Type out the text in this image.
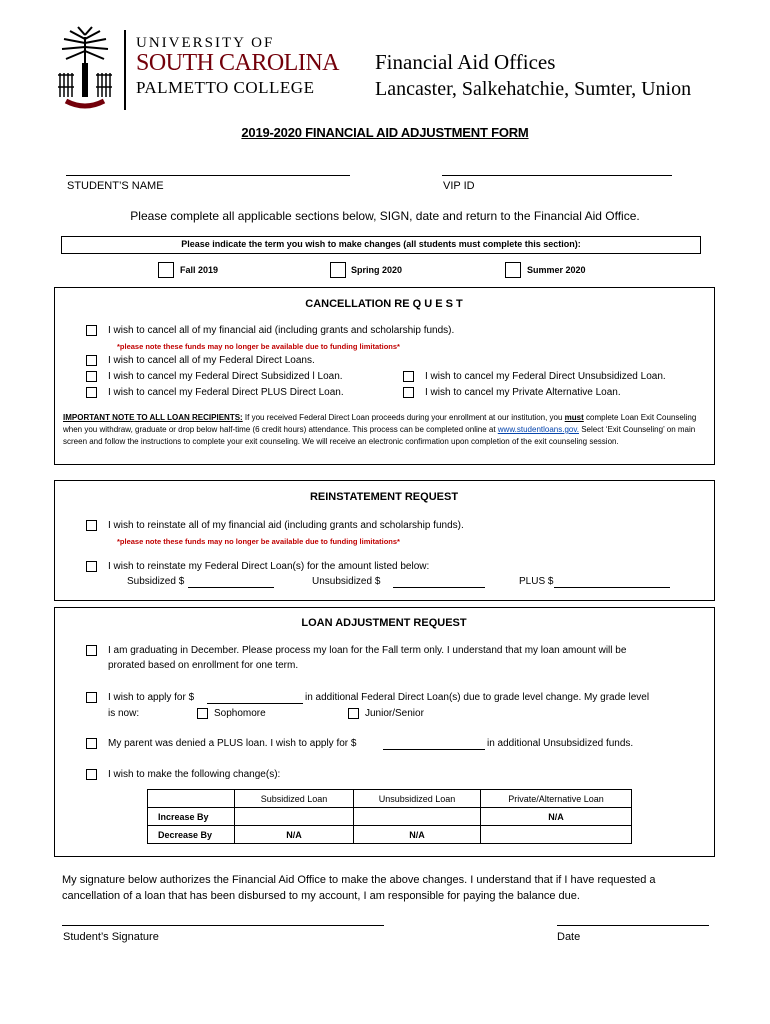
UNIVERSITY OF
SOUTH CAROLINA
PALMETTO COLLEGE
Financial Aid Offices
Lancaster, Salkehatchie, Sumter, Union
2019-2020 FINANCIAL AID ADJUSTMENT FORM
STUDENT’S NAME	VIP ID
Please complete all applicable sections below, SIGN, date and return to the Financial Aid Office.
Please indicate the term you wish to make changes (all students must complete this section):
Fall 2019	Spring 2020	Summer 2020
CANCELLATION RE Q U E S T
I wish to cancel all of my financial aid (including grants and scholarship funds).
*please note these funds may no longer be available due to funding limitations*
I wish to cancel all of my Federal Direct Loans.
I wish to cancel my Federal Direct Subsidized l Loan.
I wish to cancel my Federal Direct PLUS Direct Loan.
I wish to cancel my Federal Direct Unsubsidized Loan.
I wish to cancel my Private Alternative Loan.
IMPORTANT NOTE TO ALL LOAN RECIPIENTS: If you received Federal Direct Loan proceeds during your enrollment at our institution, you must complete Loan Exit Counseling when you withdraw, graduate or drop below half-time (6 credit hours) attendance. This process can be completed online at www.studentloans.gov. Select ‘Exit Counseling’ on main screen and follow the instructions to complete your exit counseling. We will receive an electronic confirmation upon completion of the exit counseling session.
REINSTATEMENT REQUEST
I wish to reinstate all of my financial aid (including grants and scholarship funds).
*please note these funds may no longer be available due to funding limitations*
I wish to reinstate my Federal Direct Loan(s) for the amount listed below:
Subsidized $	Unsubsidized $	PLUS $
LOAN ADJUSTMENT REQUEST
I am graduating in December. Please process my loan for the Fall term only. I understand that my loan amount will be
prorated based on enrollment for one term.
I wish to apply for $	in additional Federal Direct Loan(s) due to grade level change. My grade level
is now:	Sophomore	Junior/Senior
My parent was denied a PLUS loan. I wish to apply for $	in additional Unsubsidized funds.
I wish to make the following change(s):
	Subsidized Loan	Unsubsidized Loan	Private/Alternative Loan
Increase By			N/A
Decrease By	N/A	N/A	
My signature below authorizes the Financial Aid Office to make the above changes. I understand that if I have requested a cancellation of a loan that has been disbursed to my account, I am responsible for paying the balance due.
Student’s Signature	Date
